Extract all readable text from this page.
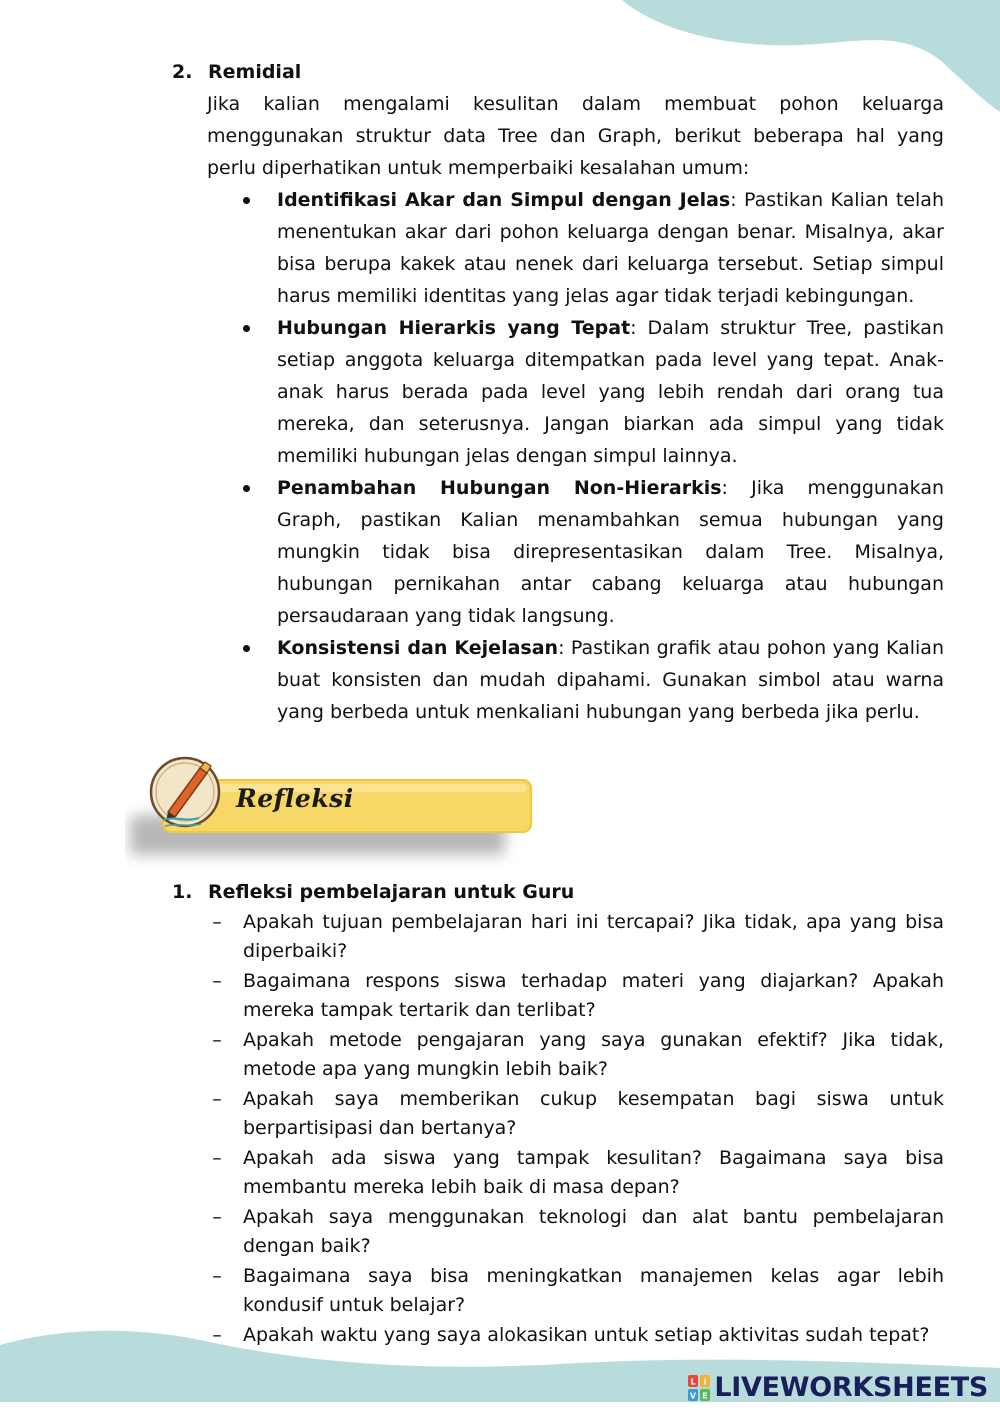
2. Remidial
Jika kalian mengalami kesulitan dalam membuat pohon keluarga menggunakan struktur data Tree dan Graph, berikut beberapa hal yang perlu diperhatikan untuk memperbaiki kesalahan umum:
Identifikasi Akar dan Simpul dengan Jelas: Pastikan Kalian telah menentukan akar dari pohon keluarga dengan benar. Misalnya, akar bisa berupa kakek atau nenek dari keluarga tersebut. Setiap simpul harus memiliki identitas yang jelas agar tidak terjadi kebingungan.
Hubungan Hierarkis yang Tepat: Dalam struktur Tree, pastikan setiap anggota keluarga ditempatkan pada level yang tepat. Anak-anak harus berada pada level yang lebih rendah dari orang tua mereka, dan seterusnya. Jangan biarkan ada simpul yang tidak memiliki hubungan jelas dengan simpul lainnya.
Penambahan Hubungan Non-Hierarkis: Jika menggunakan Graph, pastikan Kalian menambahkan semua hubungan yang mungkin tidak bisa direpresentasikan dalam Tree. Misalnya, hubungan pernikahan antar cabang keluarga atau hubungan persaudaraan yang tidak langsung.
Konsistensi dan Kejelasan: Pastikan grafik atau pohon yang Kalian buat konsisten dan mudah dipahami. Gunakan simbol atau warna yang berbeda untuk menkaliani hubungan yang berbeda jika perlu.
Refleksi
1. Refleksi pembelajaran untuk Guru
– Apakah tujuan pembelajaran hari ini tercapai? Jika tidak, apa yang bisa diperbaiki?
– Bagaimana respons siswa terhadap materi yang diajarkan? Apakah mereka tampak tertarik dan terlibat?
– Apakah metode pengajaran yang saya gunakan efektif? Jika tidak, metode apa yang mungkin lebih baik?
– Apakah saya memberikan cukup kesempatan bagi siswa untuk berpartisipasi dan bertanya?
– Apakah ada siswa yang tampak kesulitan? Bagaimana saya bisa membantu mereka lebih baik di masa depan?
– Apakah saya menggunakan teknologi dan alat bantu pembelajaran dengan baik?
– Bagaimana saya bisa meningkatkan manajemen kelas agar lebih kondusif untuk belajar?
– Apakah waktu yang saya alokasikan untuk setiap aktivitas sudah tepat?
L I
V E LIVEWORKSHEETS
